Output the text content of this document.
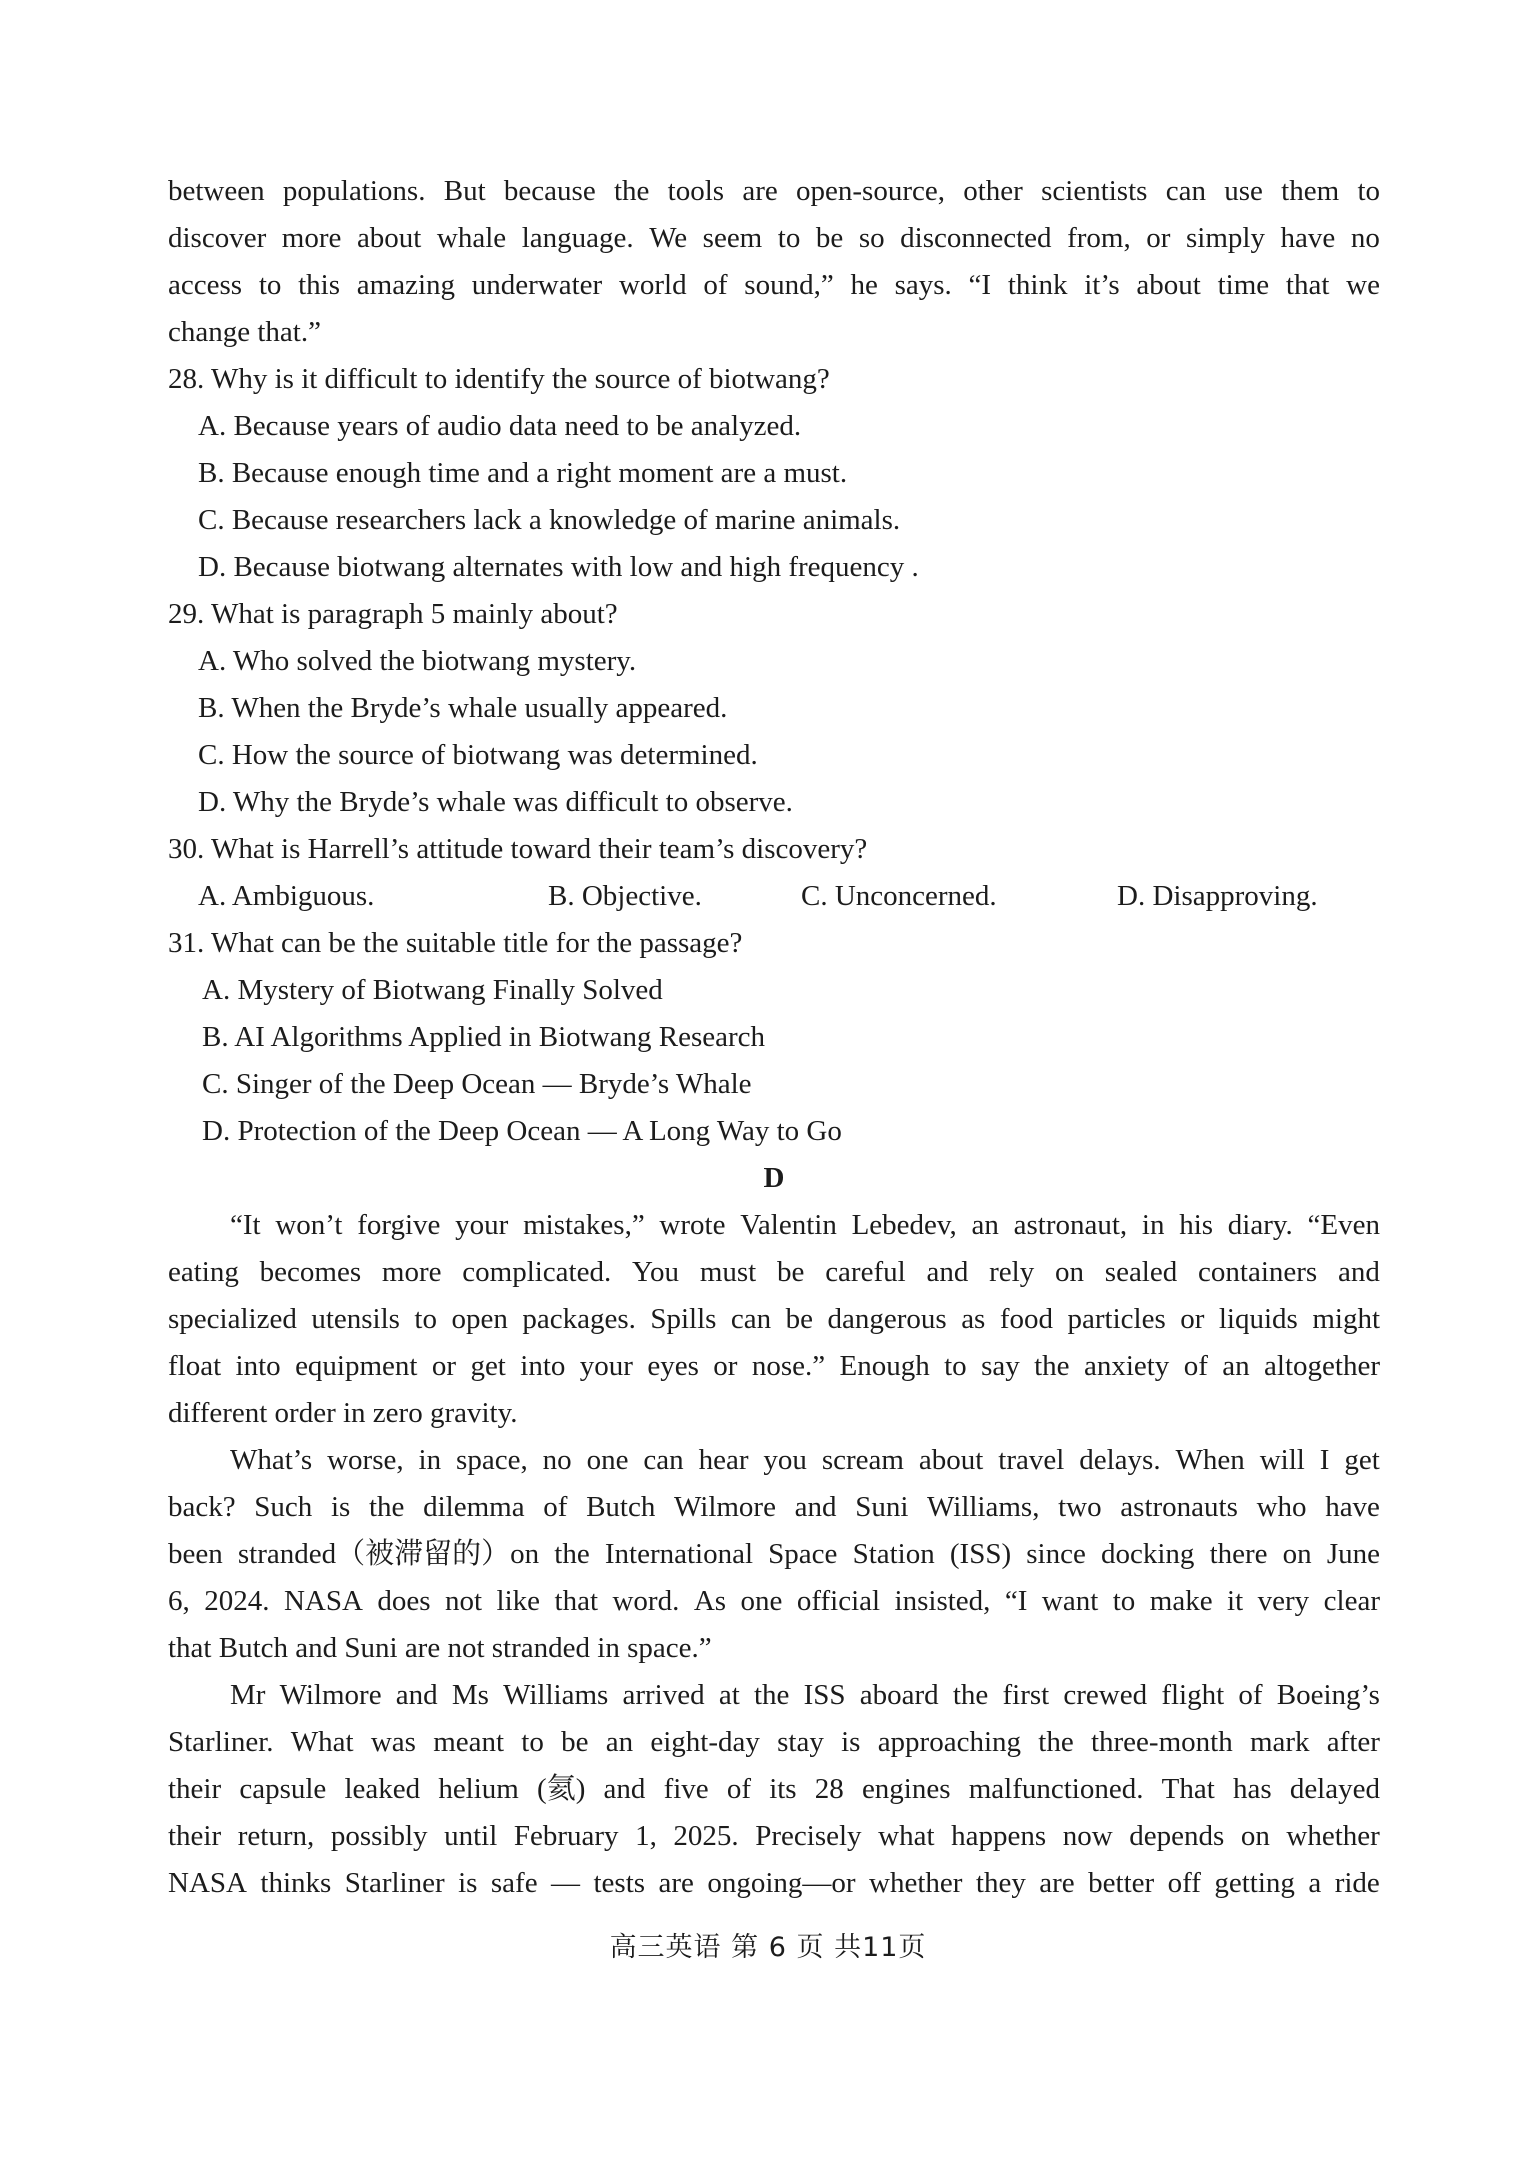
between populations. But because the tools are open-source, other scientists can use them to
discover more about whale language. We seem to be so disconnected from, or simply have no
access to this amazing underwater world of sound,” he says. “I think it’s about time that we
change that.”
28. Why is it difficult to identify the source of biotwang?
A. Because years of audio data need to be analyzed.
B. Because enough time and a right moment are a must.
C. Because researchers lack a knowledge of marine animals.
D. Because biotwang alternates with low and high frequency .
29. What is paragraph 5 mainly about?
A. Who solved the biotwang mystery.
B. When the Bryde’s whale usually appeared.
C. How the source of biotwang was determined.
D. Why the Bryde’s whale was difficult to observe.
30. What is Harrell’s attitude toward their team’s discovery?
A. Ambiguous.	B. Objective.	C. Unconcerned.	D. Disapproving.
31. What can be the suitable title for the passage?
A. Mystery of Biotwang Finally Solved
B. AI Algorithms Applied in Biotwang Research
C. Singer of the Deep Ocean — Bryde’s Whale
D. Protection of the Deep Ocean — A Long Way to Go
D
“It won’t forgive your mistakes,” wrote Valentin Lebedev, an astronaut, in his diary. “Even
eating becomes more complicated. You must be careful and rely on sealed containers and
specialized utensils to open packages. Spills can be dangerous as food particles or liquids might
float into equipment or get into your eyes or nose.” Enough to say the anxiety of an altogether
different order in zero gravity.
What’s worse, in space, no one can hear you scream about travel delays. When will I get
back? Such is the dilemma of Butch Wilmore and Suni Williams, two astronauts who have
been stranded（被滞留的）on the International Space Station (ISS) since docking there on June
6, 2024. NASA does not like that word. As one official insisted, “I want to make it very clear
that Butch and Suni are not stranded in space.”
Mr Wilmore and Ms Williams arrived at the ISS aboard the first crewed flight of Boeing’s
Starliner. What was meant to be an eight-day stay is approaching the three-month mark after
their capsule leaked helium (氦) and five of its 28 engines malfunctioned. That has delayed
their return, possibly until February 1, 2025. Precisely what happens now depends on whether
NASA thinks Starliner is safe — tests are ongoing—or whether they are better off getting a ride
高三英语 第 6 页 共11页
